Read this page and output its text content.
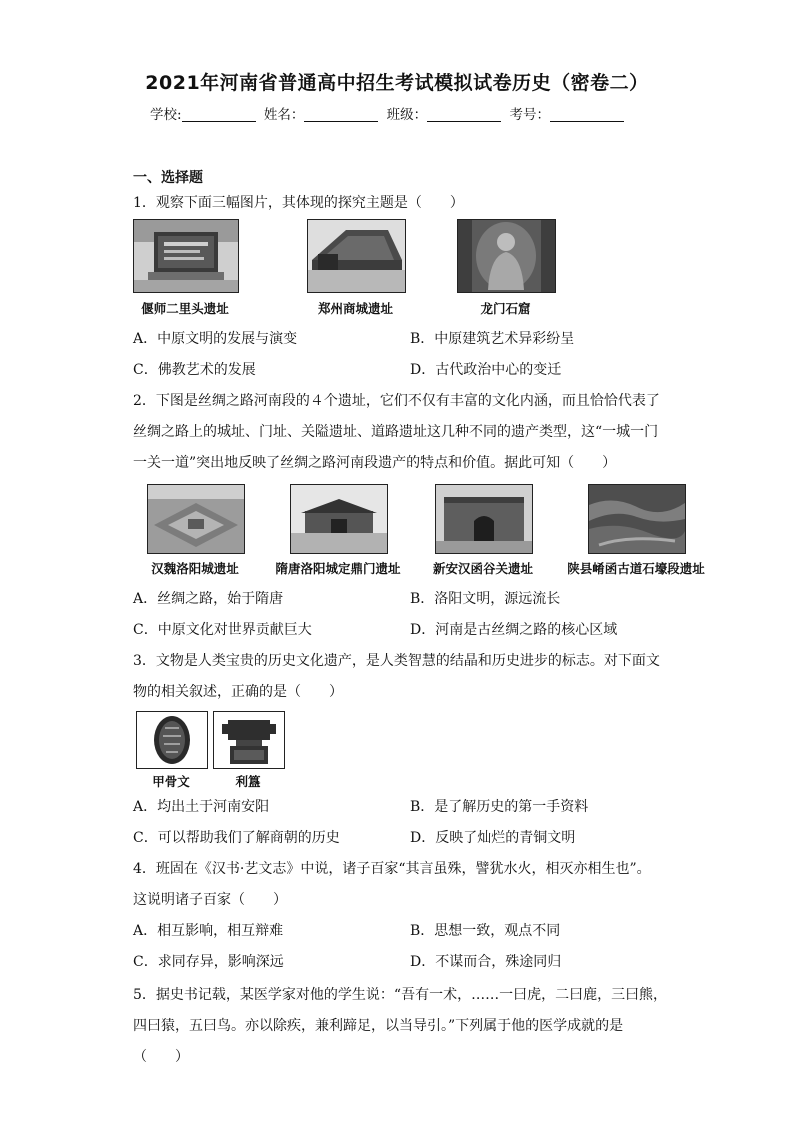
2021年河南省普通高中招生考试模拟试卷历史（密卷二）
学校:	姓名：	班级：	考号：
一、选择题
1．观察下面三幅图片，其体现的探究主题是（　　）
偃师二里头遗址	郑州商城遗址	龙门石窟
A．中原文明的发展与演变	B．中原建筑艺术异彩纷呈
C．佛教艺术的发展	D．古代政治中心的变迁
2．下图是丝绸之路河南段的４个遗址，它们不仅有丰富的文化内涵，而且恰恰代表了
丝绸之路上的城址、门址、关隘遗址、道路遗址这几种不同的遗产类型，这“一城一门
一关一道”突出地反映了丝绸之路河南段遗产的特点和价值。据此可知（　　）
汉魏洛阳城遗址	隋唐洛阳城定鼎门遗址	新安汉函谷关遗址	陕县崤函古道石壕段遗址
A．丝绸之路，始于隋唐	B．洛阳文明，源远流长
C．中原文化对世界贡献巨大	D．河南是古丝绸之路的核心区域
3．文物是人类宝贵的历史文化遗产，是人类智慧的结晶和历史进步的标志。对下面文
物的相关叙述，正确的是（　　）
甲骨文	利簋
A．均出土于河南安阳	B．是了解历史的第一手资料
C．可以帮助我们了解商朝的历史	D．反映了灿烂的青铜文明
4．班固在《汉书·艺文志》中说，诸子百家“其言虽殊，譬犹水火，相灭亦相生也”。
这说明诸子百家（　　）
A．相互影响，相互辩难	B．思想一致，观点不同
C．求同存异，影响深远	D．不谋而合，殊途同归
5．据史书记载，某医学家对他的学生说：“吾有一术，……一曰虎，二曰鹿，三曰熊，
四曰猿，五曰鸟。亦以除疾，兼利蹄足，以当导引。”下列属于他的医学成就的是
（　　）
